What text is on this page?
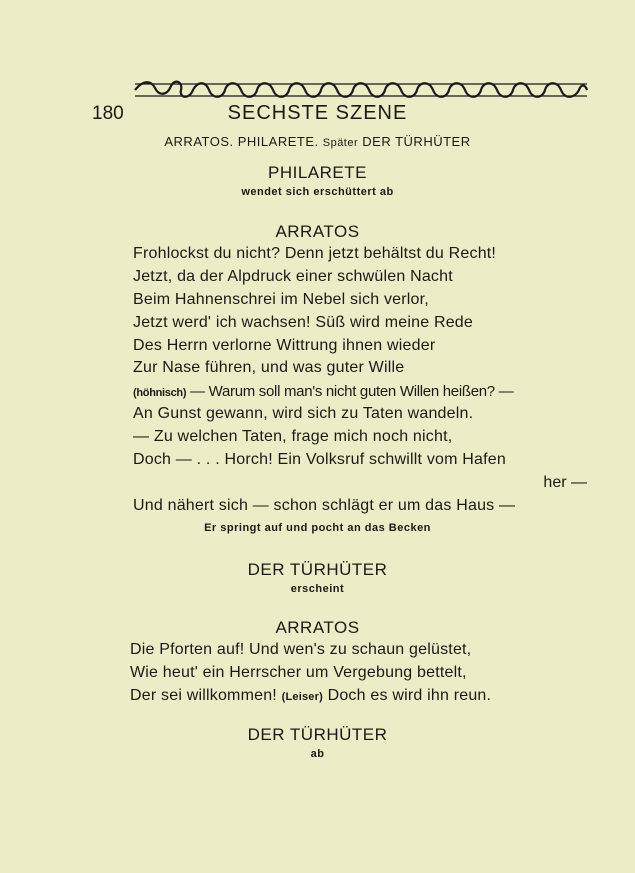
180	SECHSTE SZENE
ARRATOS. PHILARETE. Später DER TÜRHÜTER
PHILARETE
wendet sich erschüttert ab
ARRATOS
Frohlockst du nicht? Denn jetzt behältst du Recht!
Jetzt, da der Alpdruck einer schwülen Nacht
Beim Hahnenschrei im Nebel sich verlor,
Jetzt werd' ich wachsen! Süß wird meine Rede
Des Herrn verlorne Wittrung ihnen wieder
Zur Nase führen, und was guter Wille
(höhnisch) — Warum soll man's nicht guten Willen heißen? —
An Gunst gewann, wird sich zu Taten wandeln.
— Zu welchen Taten, frage mich noch nicht,
Doch — . . . Horch! Ein Volksruf schwillt vom Hafen
her —
Und nähert sich — schon schlägt er um das Haus —
Er springt auf und pocht an das Becken
DER TÜRHÜTER
erscheint
ARRATOS
Die Pforten auf! Und wen's zu schaun gelüstet,
Wie heut' ein Herrscher um Vergebung bettelt,
Der sei willkommen! (Leiser) Doch es wird ihn reun.
DER TÜRHÜTER
ab
